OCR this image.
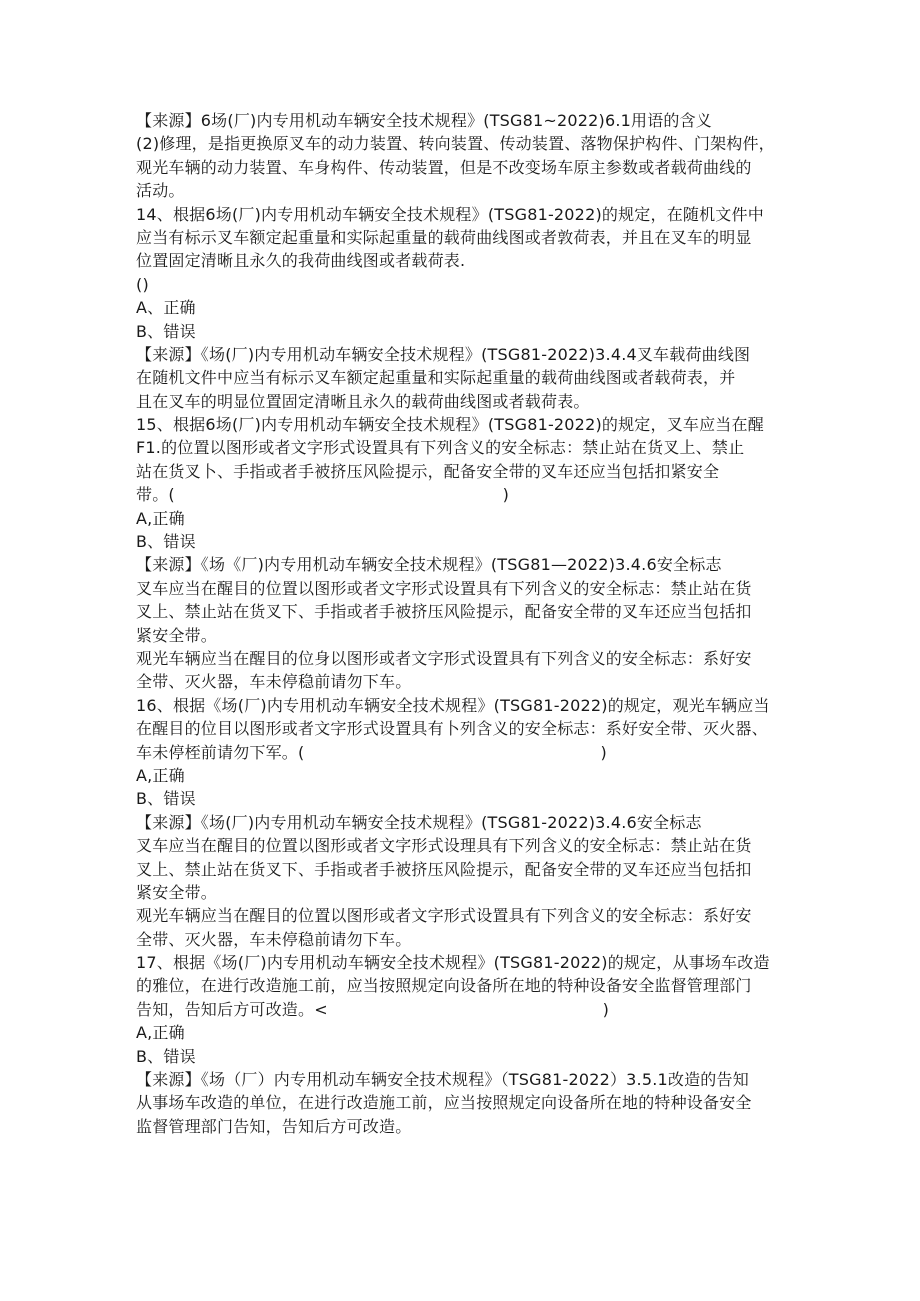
【来源】6场(厂)内专用机动车辆安全技术规程》(TSG81~2022)6.1用语的含义
(2)修理，是指更换原叉车的动力装置、转向装置、传动装置、落物保护构件、门架构件，
观光车辆的动力装置、车身构件、传动装置，但是不改变场车原主参数或者载荷曲线的
活动。
14、根据6场(厂)内专用机动车辆安全技术规程》(TSG81-2022)的规定，在随机文件中
应当有标示叉车额定起重量和实际起重量的载荷曲线图或者敦荷表，并且在叉车的明显
位置固定清晰且永久的我荷曲线图或者载荷表.
()
A、正确
B、错误
【来源】《场(厂)内专用机动车辆安全技术规程》(TSG81-2022)3.4.4叉车载荷曲线图
在随机文件中应当有标示叉车额定起重量和实际起重量的载荷曲线图或者载荷表，并
且在叉车的明显位置固定清晰且永久的载荷曲线图或者载荷表。
15、根据6场(厂)内专用机动车辆安全技术规程》(TSG81-2022)的规定，叉车应当在醒
F1.的位置以图形或者文字形式设置具有下列含义的安全标志：禁止站在货叉上、禁止
站在货叉卜、手指或者手被挤压风险提示，配备安全带的叉车还应当包括扣紧安全
带。(                                                              )
A,正确
B、错误
【来源】《场《厂)内专用机动车辆安全技术规程》(TSG81—2022)3.4.6安全标志
叉车应当在醒目的位置以图形或者文字形式设置具有下列含义的安全标志：禁止站在货
叉上、禁止站在货叉下、手指或者手被挤压风险提示，配备安全带的叉车还应当包括扣
紧安全带。
观光车辆应当在醒目的位身以图形或者文字形式设置具有下列含义的安全标志：系好安
全带、灭火器，车未停稳前请勿下车。
16、根据《场(厂)内专用机动车辆安全技术规程》(TSG81-2022)的规定，观光车辆应当
在醒目的位目以图形或者文字形式设置具有卜列含义的安全标志：系好安全带、灭火器、
车未停桎前请勿下军。(                                                        )
A,正确
B、错误
【来源】《场(厂)内专用机动车辆安全技术规程》(TSG81-2022)3.4.6安全标志
叉车应当在醒目的位置以图形或者文字形式设理具有下列含义的安全标志：禁止站在货
叉上、禁止站在货叉下、手指或者手被挤压风险提示，配备安全带的叉车还应当包括扣
紧安全带。
观光车辆应当在醒目的位置以图形或者文字形式设置具有下列含义的安全标志：系好安
全带、灭火器，车未停稳前请勿下车。
17、根据《场(厂)内专用机动车辆安全技术规程》(TSG81-2022)的规定，从事场车改造
的雅位，在进行改造施工前，应当按照规定向设备所在地的特种设备安全监督管理部门
告知，告知后方可改造。<                                                    )
A,正确
B、错误
【来源】《场（厂）内专用机动车辆安全技术规程》（TSG81-2022）3.5.1改造的告知
从事场车改造的单位，在进行改造施工前，应当按照规定向设备所在地的特种设备安全
监督管理部门告知，告知后方可改造。
